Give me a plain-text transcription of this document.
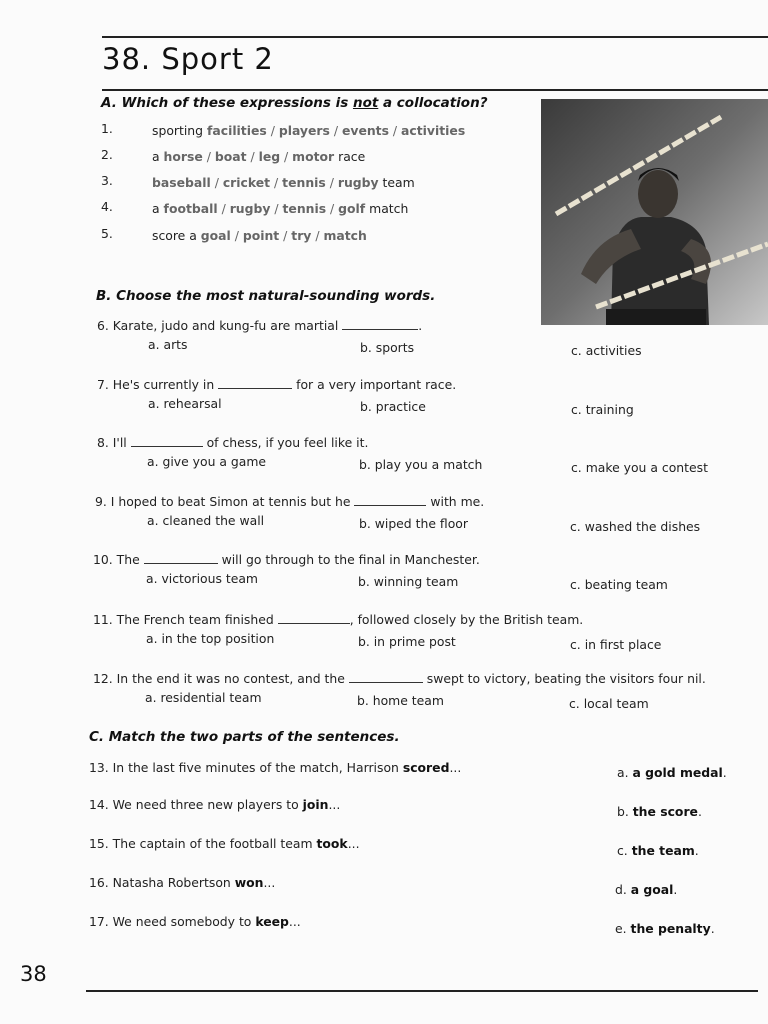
38. Sport 2
A. Which of these expressions is not a collocation?
1.	sporting facilities / players / events / activities
2.	a horse / boat / leg / motor race
3.	baseball / cricket / tennis / rugby team
4.	a football / rugby / tennis / golf match
5.	score a goal / point / try / match
B. Choose the most natural-sounding words.
6. Karate, judo and kung-fu are martial	.
a. arts	b. sports	c. activities
7. He's currently in	for a very important race.
a. rehearsal	b. practice	c. training
8. I'll	of chess, if you feel like it.
a. give you a game	b. play you a match	c. make you a contest
9. I hoped to beat Simon at tennis but he	with me.
a. cleaned the wall	b. wiped the floor	c. washed the dishes
10. The	will go through to the final in Manchester.
a. victorious team	b. winning team	c. beating team
11. The French team finished	, followed closely by the British team.
a. in the top position	b. in prime post	c. in first place
12. In the end it was no contest, and the	swept to victory, beating the visitors four nil.
a. residential team	b. home team	c. local team
C. Match the two parts of the sentences.
13. In the last five minutes of the match, Harrison scored...	a. a gold medal.
14. We need three new players to join...	b. the score.
15. The captain of the football team took...	c. the team.
16. Natasha Robertson won...	d. a goal.
17. We need somebody to keep...	e. the penalty.
38
